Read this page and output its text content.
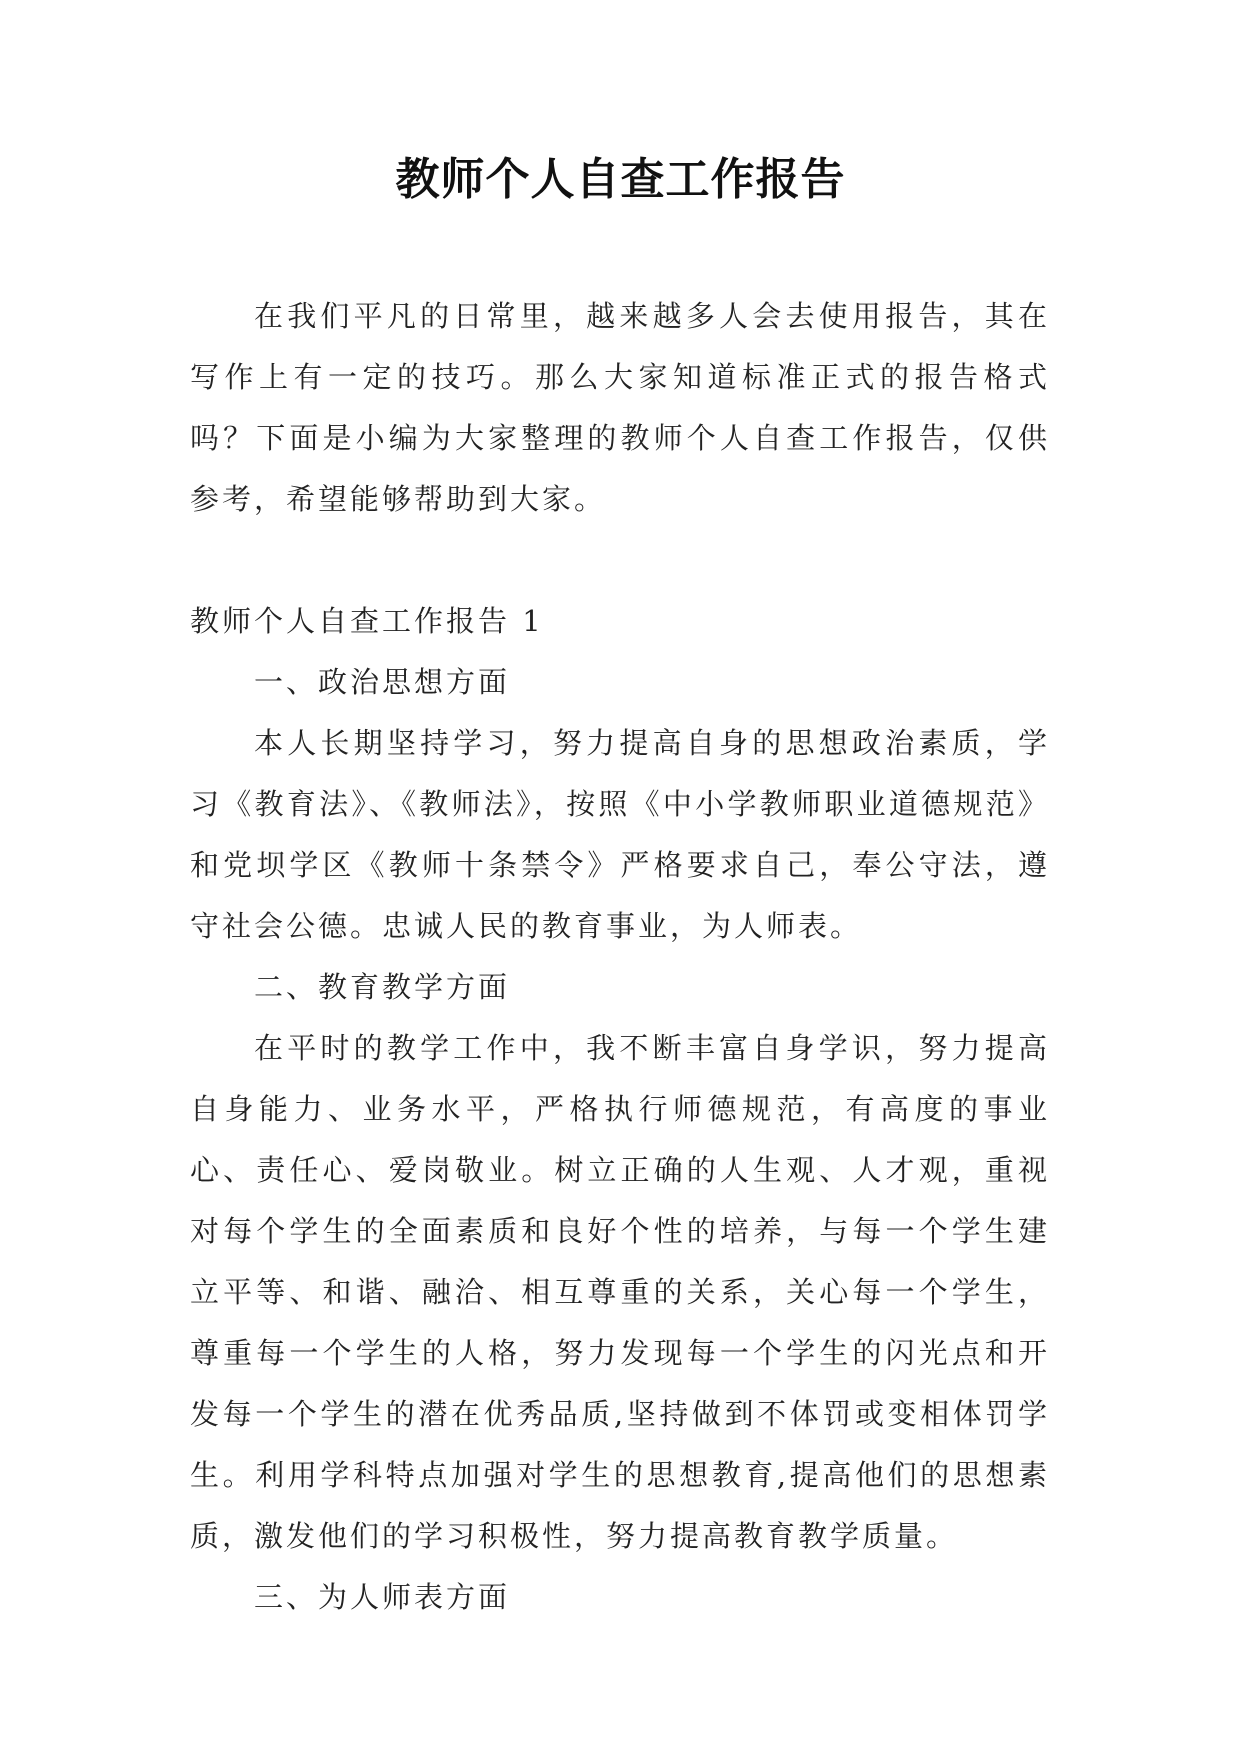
教师个人自查工作报告

在我们平凡的日常里，越来越多人会去使用报告，其在写作上有一定的技巧。那么大家知道标准正式的报告格式吗？下面是小编为大家整理的教师个人自查工作报告，仅供参考，希望能够帮助到大家。

教师个人自查工作报告 1

一、政治思想方面

本人长期坚持学习，努力提高自身的思想政治素质，学习《教育法》、《教师法》，按照《中小学教师职业道德规范》和党坝学区《教师十条禁令》严格要求自己，奉公守法，遵守社会公德。忠诚人民的教育事业，为人师表。

二、教育教学方面

在平时的教学工作中，我不断丰富自身学识，努力提高自身能力、业务水平，严格执行师德规范，有高度的事业心、责任心、爱岗敬业。树立正确的人生观、人才观，重视对每个学生的全面素质和良好个性的培养，与每一个学生建立平等、和谐、融洽、相互尊重的关系，关心每一个学生，尊重每一个学生的人格，努力发现每一个学生的闪光点和开发每一个学生的潜在优秀品质,坚持做到不体罚或变相体罚学生。利用学科特点加强对学生的思想教育,提高他们的思想素质，激发他们的学习积极性，努力提高教育教学质量。

三、为人师表方面
